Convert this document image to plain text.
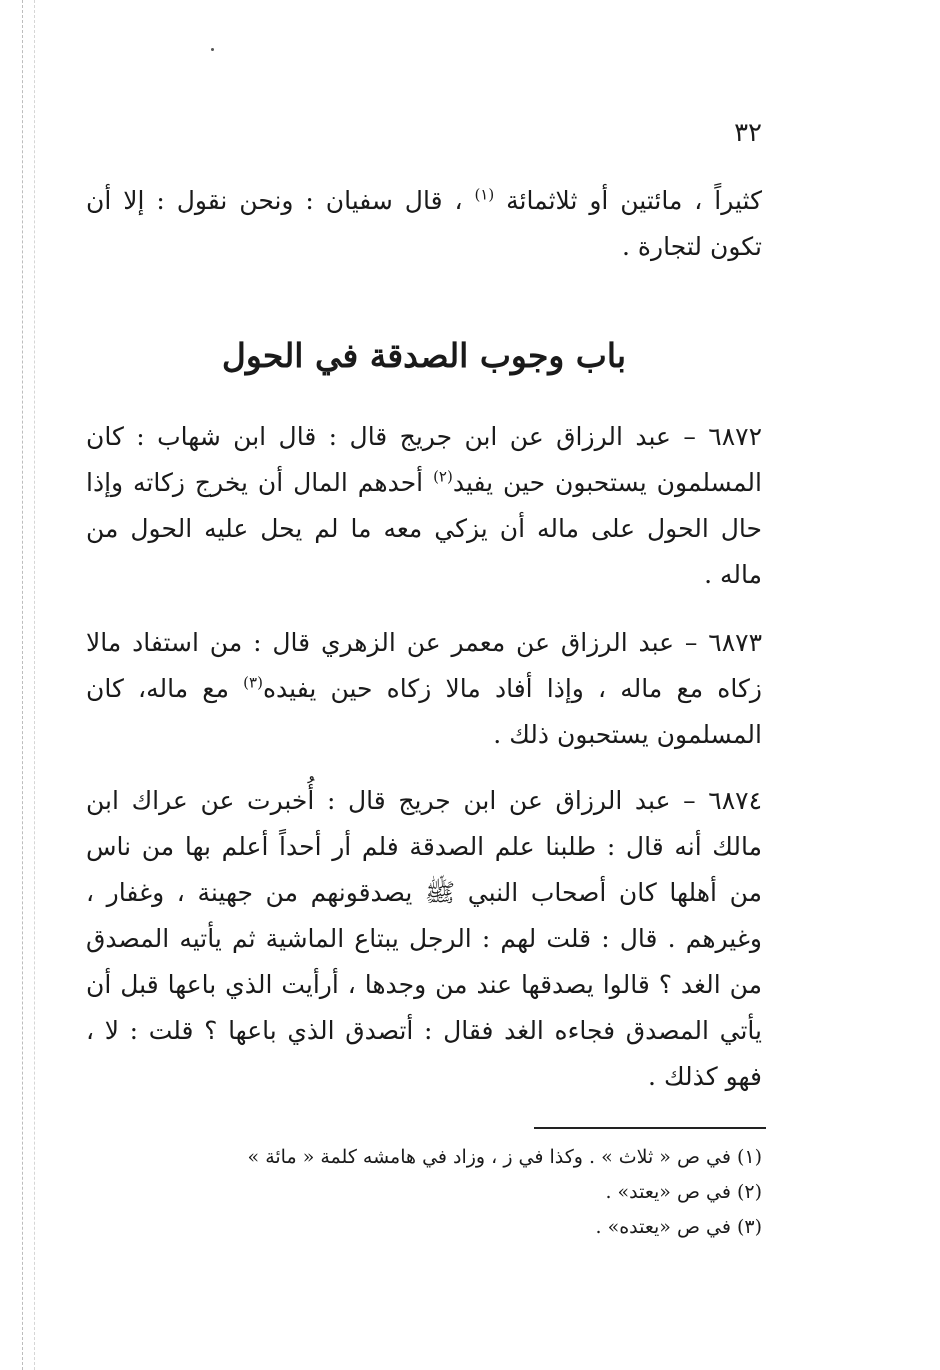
٣٢

كثيراً ، مائتين أو ثلاثمائة $^{(١)}$ ، قال سفيان : ونحن نقول : إلا أن تكون لتجارة .

باب وجوب الصدقة في الحول

٦٨٧٢ – عبد الرزاق عن ابن جريج قال : قال ابن شهاب : كان المسلمون يستحبون حين يفيد$^{(٢)}$ أحدهم المال أن يخرج زكاته وإذا حال الحول على ماله أن يزكي معه ما لم يحل عليه الحول من ماله .

٦٨٧٣ – عبد الرزاق عن معمر عن الزهري قال : من استفاد مالا زكاه مع ماله ، وإذا أفاد مالا زكاه حين يفيده$^{(٣)}$ مع ماله، كان المسلمون يستحبون ذلك .

٦٨٧٤ – عبد الرزاق عن ابن جريج قال : أُخبرت عن عراك ابن مالك أنه قال : طلبنا علم الصدقة فلم أر أحداً أعلم بها من ناس من أهلها كان أصحاب النبي ﷺ يصدقونهم من جهينة ، وغفار ، وغيرهم . قال : قلت لهم : الرجل يبتاع الماشية ثم يأتيه المصدق من الغد ؟ قالوا يصدقها عند من وجدها ، أرأيت الذي باعها قبل أن يأتي المصدق فجاءه الغد فقال : أتصدق الذي باعها ؟ قلت : لا ، فهو كذلك .

(١) في ص « ثلاث » . وكذا في ز ، وزاد في هامشه كلمة « مائة »
(٢) في ص «يعتد» .
(٣) في ص «يعتده» .
